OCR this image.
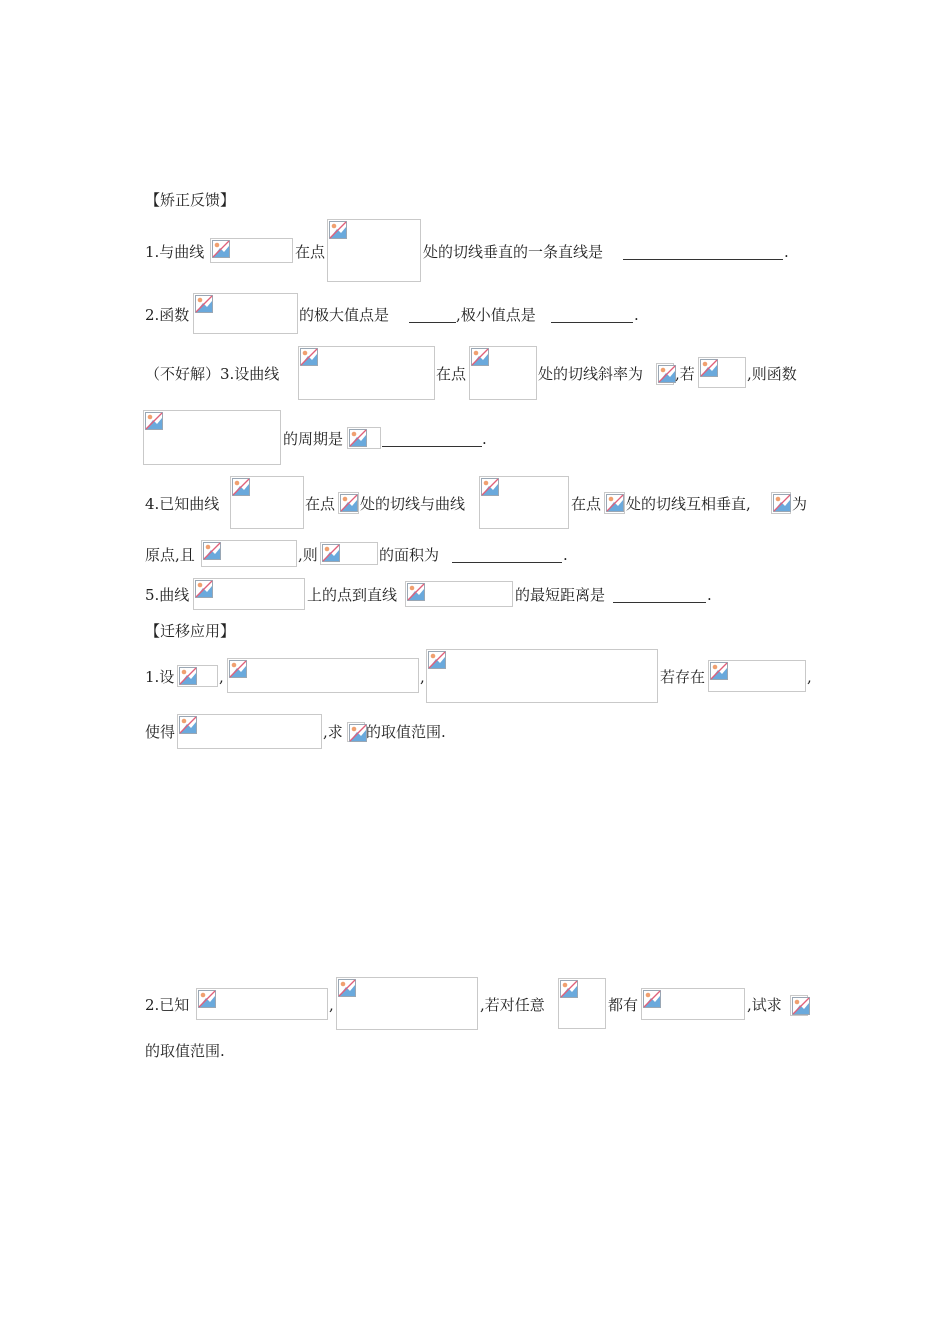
【矫正反馈】
1.与曲线	在点	处的切线垂直的一条直线是	.
2.函数	的极大值点是	,极小值点是	.
（不好解）3.设曲线	在点	处的切线斜率为 ,若	,则函数
的周期是	.
4.已知曲线	在点 处的切线与曲线	在点 处的切线互相垂直,	为
原点,且	,则	的面积为	.
5.曲线	上的点到直线	的最短距离是	.
【迁移应用】
1.设	,	,	若存在	,
使得	,求 的取值范围.
2.已知	,	,若对任意	都有	,试求
的取值范围.
